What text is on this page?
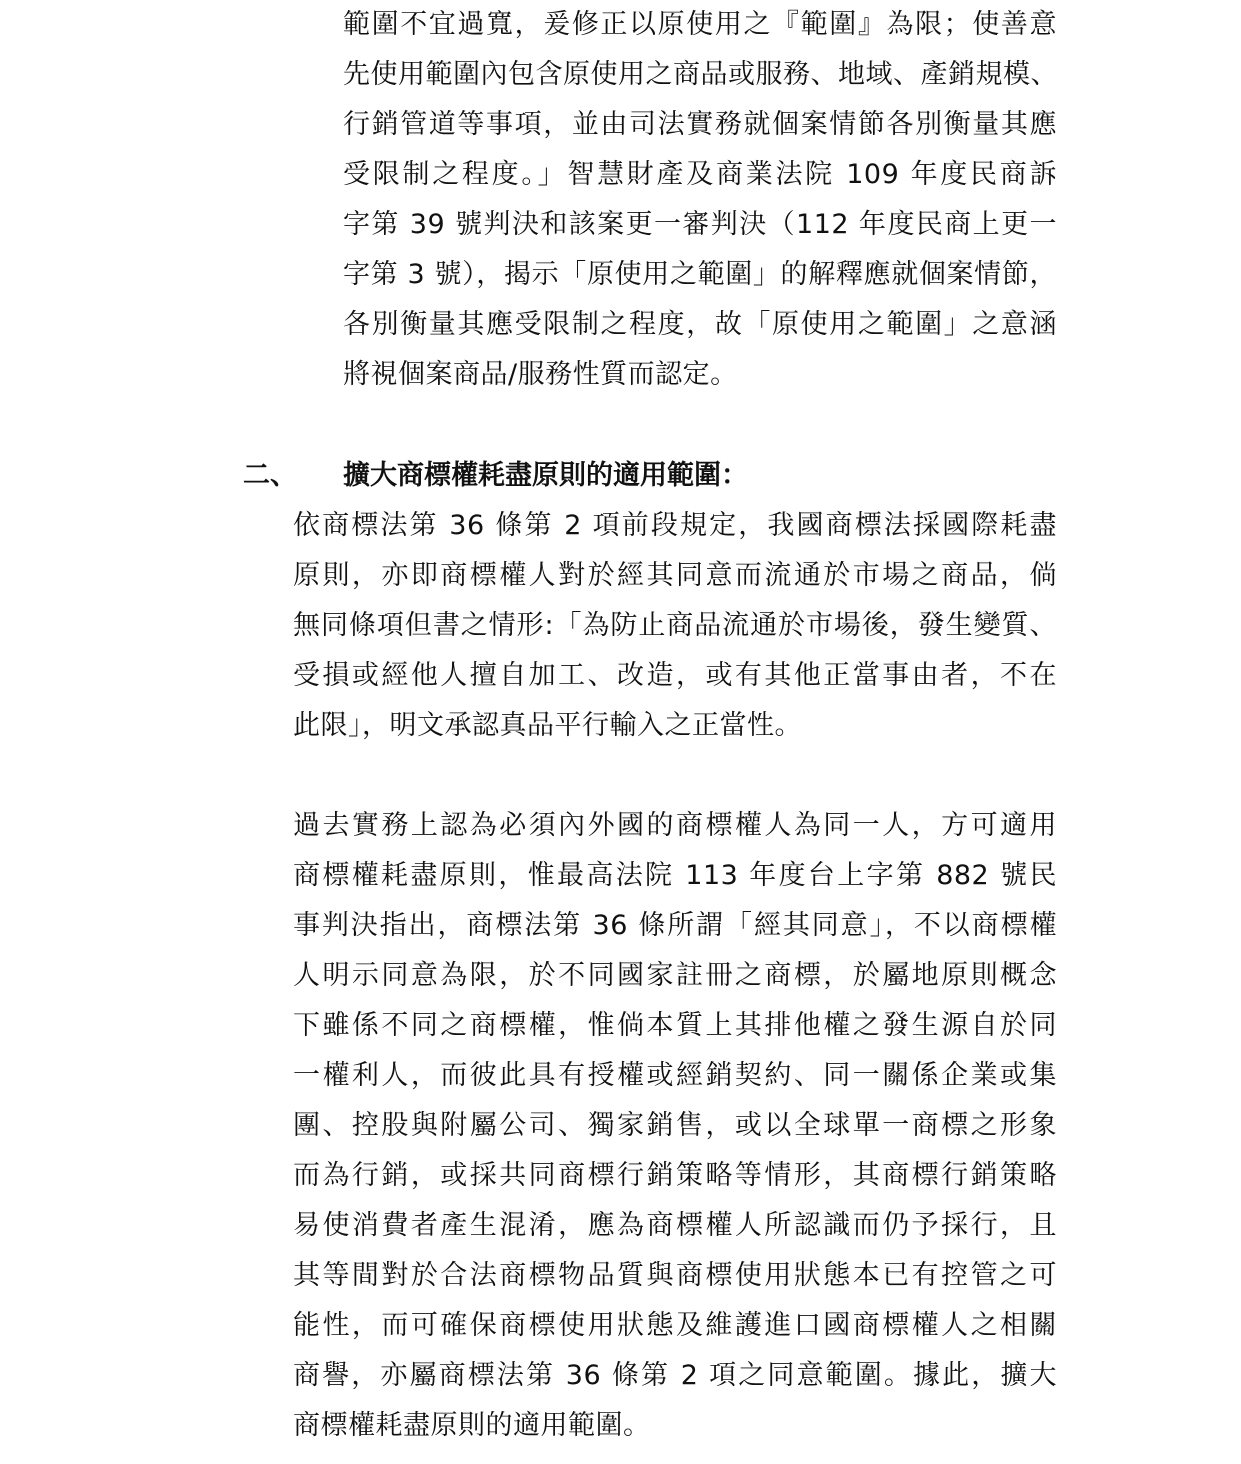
範圍不宜過寬，爰修正以原使用之『範圍』為限；使善意
先使用範圍內包含原使用之商品或服務、地域、產銷規模、
行銷管道等事項，並由司法實務就個案情節各別衡量其應
受限制之程度。」智慧財產及商業法院 109 年度民商訴
字第 39 號判決和該案更一審判決（112 年度民商上更一
字第 3 號），揭示「原使用之範圍」的解釋應就個案情節，
各別衡量其應受限制之程度，故「原使用之範圍」之意涵
將視個案商品/服務性質而認定。
二、 擴大商標權耗盡原則的適用範圍：
依商標法第 36 條第 2 項前段規定，我國商標法採國際耗盡
原則，亦即商標權人對於經其同意而流通於市場之商品，倘
無同條項但書之情形:「為防止商品流通於市場後，發生變質、
受損或經他人擅自加工、改造，或有其他正當事由者，不在
此限」，明文承認真品平行輸入之正當性。
過去實務上認為必須內外國的商標權人為同一人，方可適用
商標權耗盡原則，惟最高法院 113 年度台上字第 882 號民
事判決指出，商標法第 36 條所謂「經其同意」，不以商標權
人明示同意為限，於不同國家註冊之商標，於屬地原則概念
下雖係不同之商標權，惟倘本質上其排他權之發生源自於同
一權利人，而彼此具有授權或經銷契約、同一關係企業或集
團、控股與附屬公司、獨家銷售，或以全球單一商標之形象
而為行銷，或採共同商標行銷策略等情形，其商標行銷策略
易使消費者產生混淆，應為商標權人所認識而仍予採行，且
其等間對於合法商標物品質與商標使用狀態本已有控管之可
能性，而可確保商標使用狀態及維護進口國商標權人之相關
商譽，亦屬商標法第 36 條第 2 項之同意範圍。據此，擴大
商標權耗盡原則的適用範圍。
